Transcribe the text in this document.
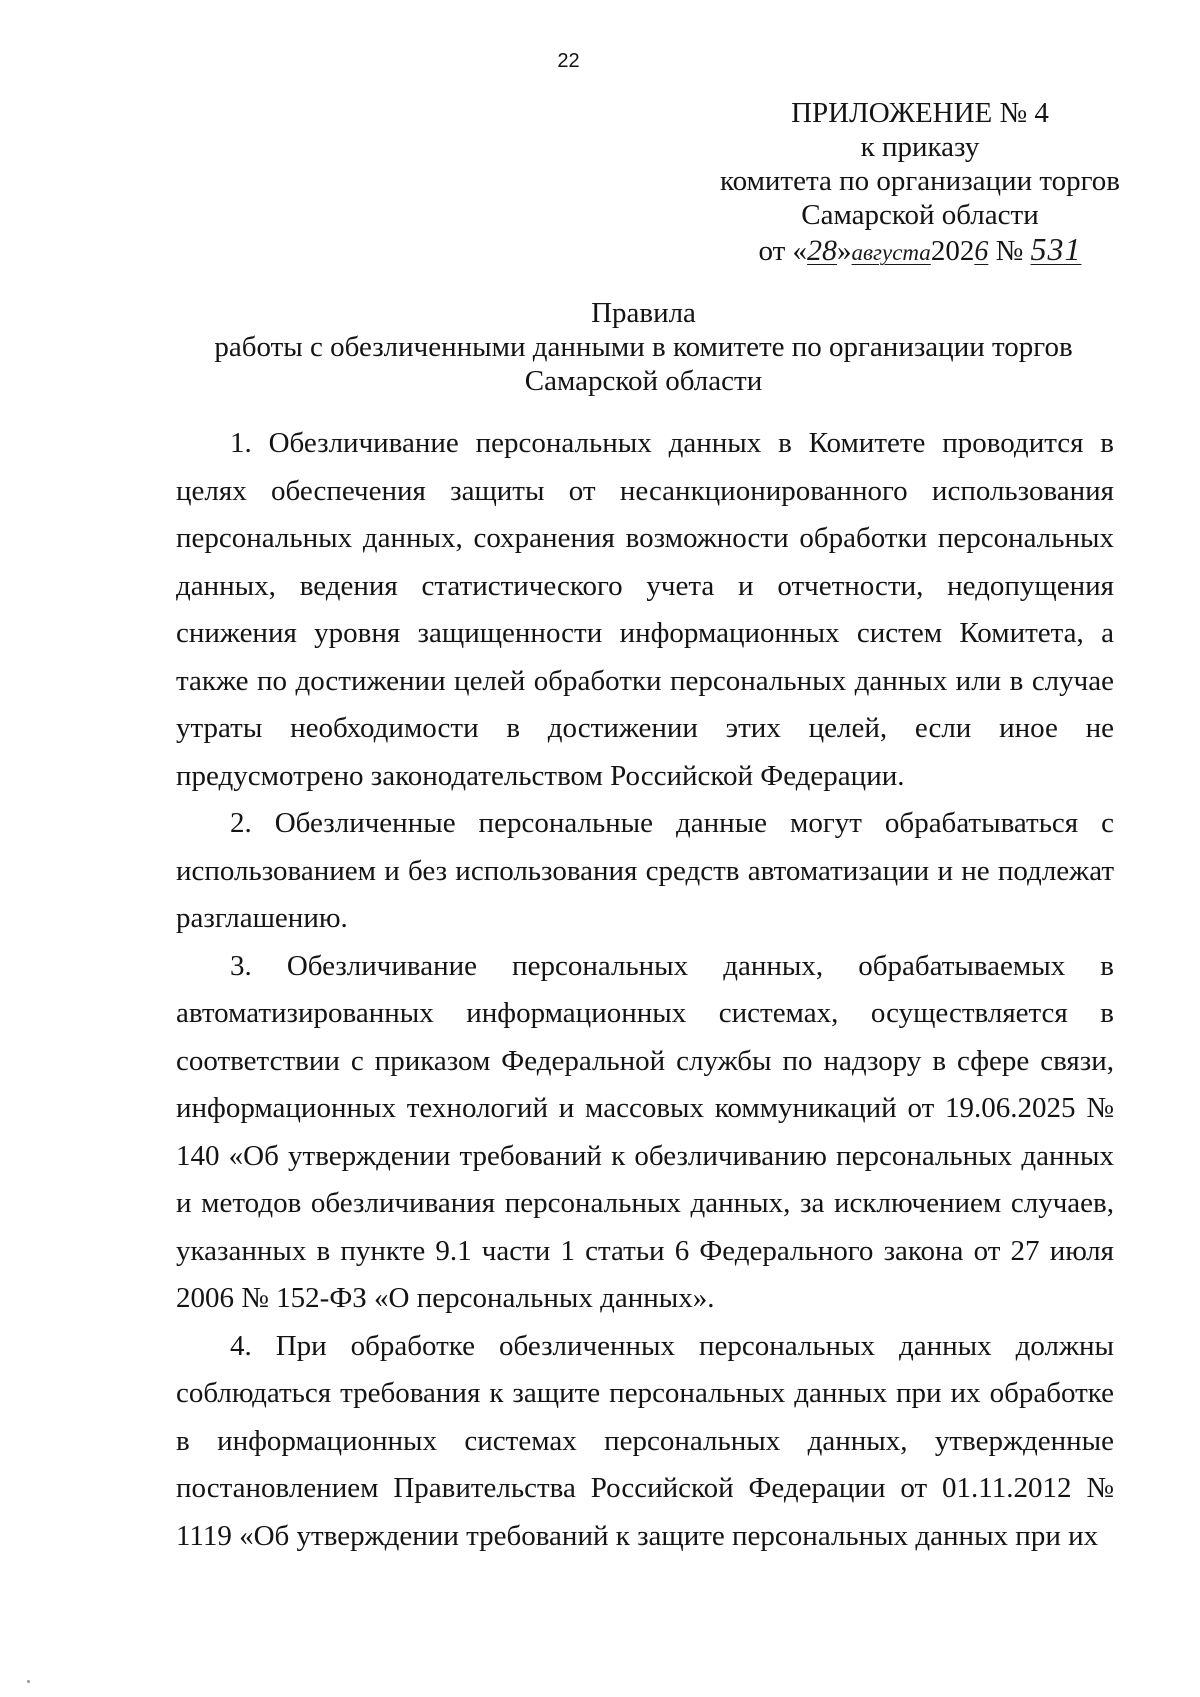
22
ПРИЛОЖЕНИЕ № 4
к приказу
комитета по организации торгов
Самарской области
от «28»августа2026 № 531
Правила
работы с обезличенными данными в комитете по организации торгов
Самарской области

1. Обезличивание персональных данных в Комитете проводится в целях обеспечения защиты от несанкционированного использования персональных данных, сохранения возможности обработки персональных данных, ведения статистического учета и отчетности, недопущения снижения уровня защищенности информационных систем Комитета, а также по достижении целей обработки персональных данных или в случае утраты необходимости в достижении этих целей, если иное не предусмотрено законодательством Российской Федерации.

2. Обезличенные персональные данные могут обрабатываться с использованием и без использования средств автоматизации и не подлежат разглашению.

3. Обезличивание персональных данных, обрабатываемых в автоматизированных информационных системах, осуществляется в соответствии с приказом Федеральной службы по надзору в сфере связи, информационных технологий и массовых коммуникаций от 19.06.2025 № 140 «Об утверждении требований к обезличиванию персональных данных и методов обезличивания персональных данных, за исключением случаев, указанных в пункте 9.1 части 1 статьи 6 Федерального закона от 27 июля 2006 № 152-ФЗ «О персональных данных».

4. При обработке обезличенных персональных данных должны соблюдаться требования к защите персональных данных при их обработке в информационных системах персональных данных, утвержденные постановлением Правительства Российской Федерации от 01.11.2012 № 1119 «Об утверждении требований к защите персональных данных при их
